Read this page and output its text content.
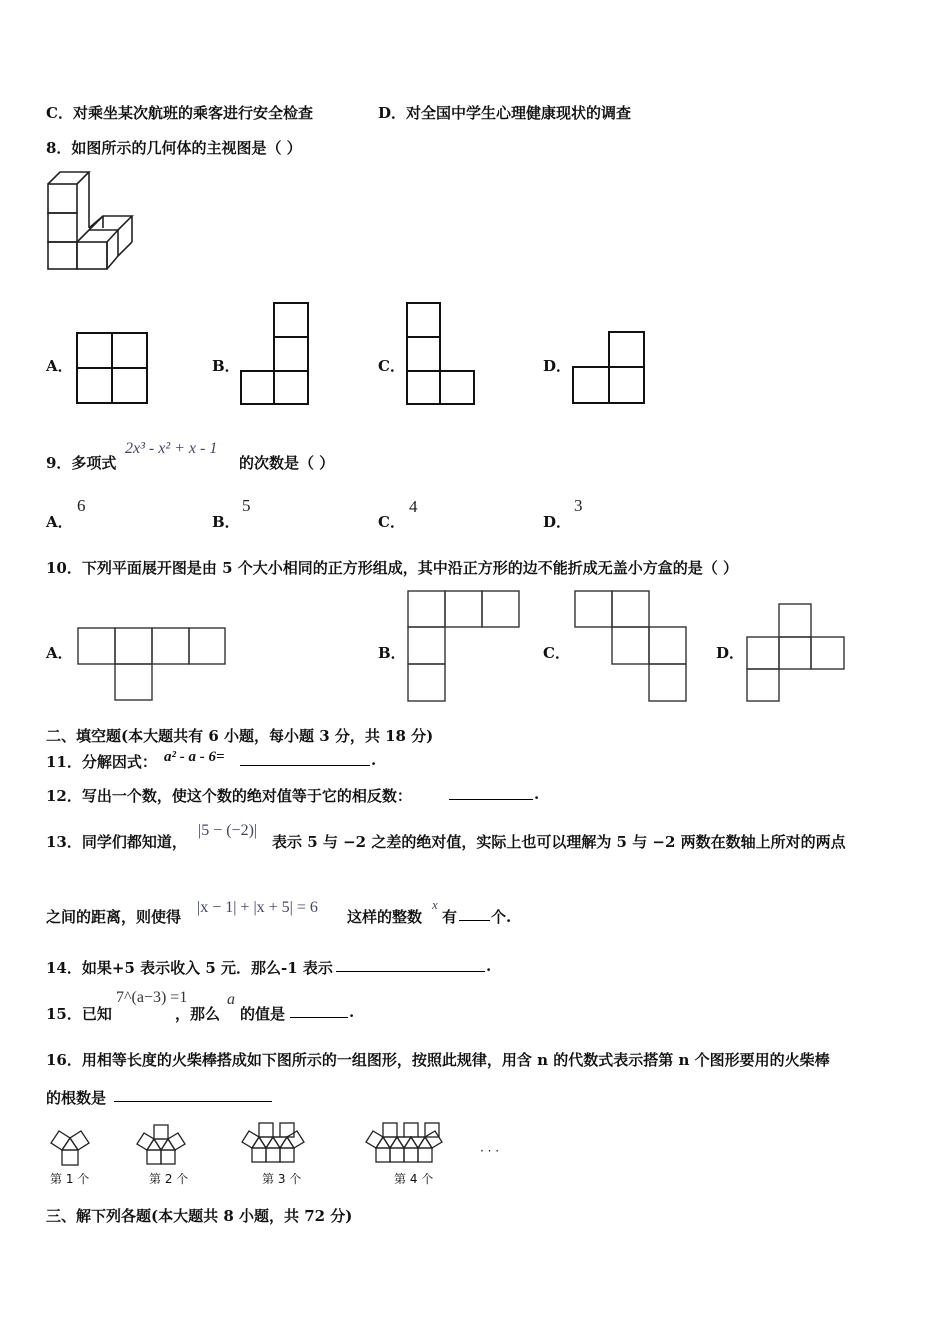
C．对乘坐某次航班的乘客进行安全检查	D．对全国中学生心理健康现状的调查
8．如图所示的几何体的主视图是（ ）
A．	B．	C．	D．
9．多项式
2x³ - x² + x - 1
的次数是（ ）
A．
6
B．
5
C．
4
D．
3
10．下列平面展开图是由 5 个大小相同的正方形组成，其中沿正方形的边不能折成无盖小方盒的是（ ）
A．	B．	C．	D．
二、填空题(本大题共有 6 小题，每小题 3 分，共 18 分)
11．分解因式： a² - a - 6=	.
12．写出一个数，使这个数的绝对值等于它的相反数：	.
13．同学们都知道，
|5 − (−2)|
表示 5 与 −2 之差的绝对值，实际上也可以理解为 5 与 −2 两数在数轴上所对的两点
之间的距离，则使得
|x − 1| + |x + 5| = 6
这样的整数
x
有 个.
14．如果+5 表示收入 5 元．那么-1 表示	.
15．已知
7^(a−3) =1
，那么
a
的值是	.
16．用相等长度的火柴棒搭成如下图所示的一组图形，按照此规律，用含 n 的代数式表示搭第 n 个图形要用的火柴棒
的根数是
第 1 个	第 2 个	第 3 个	第 4 个
· · ·
三、解下列各题(本大题共 8 小题，共 72 分)
